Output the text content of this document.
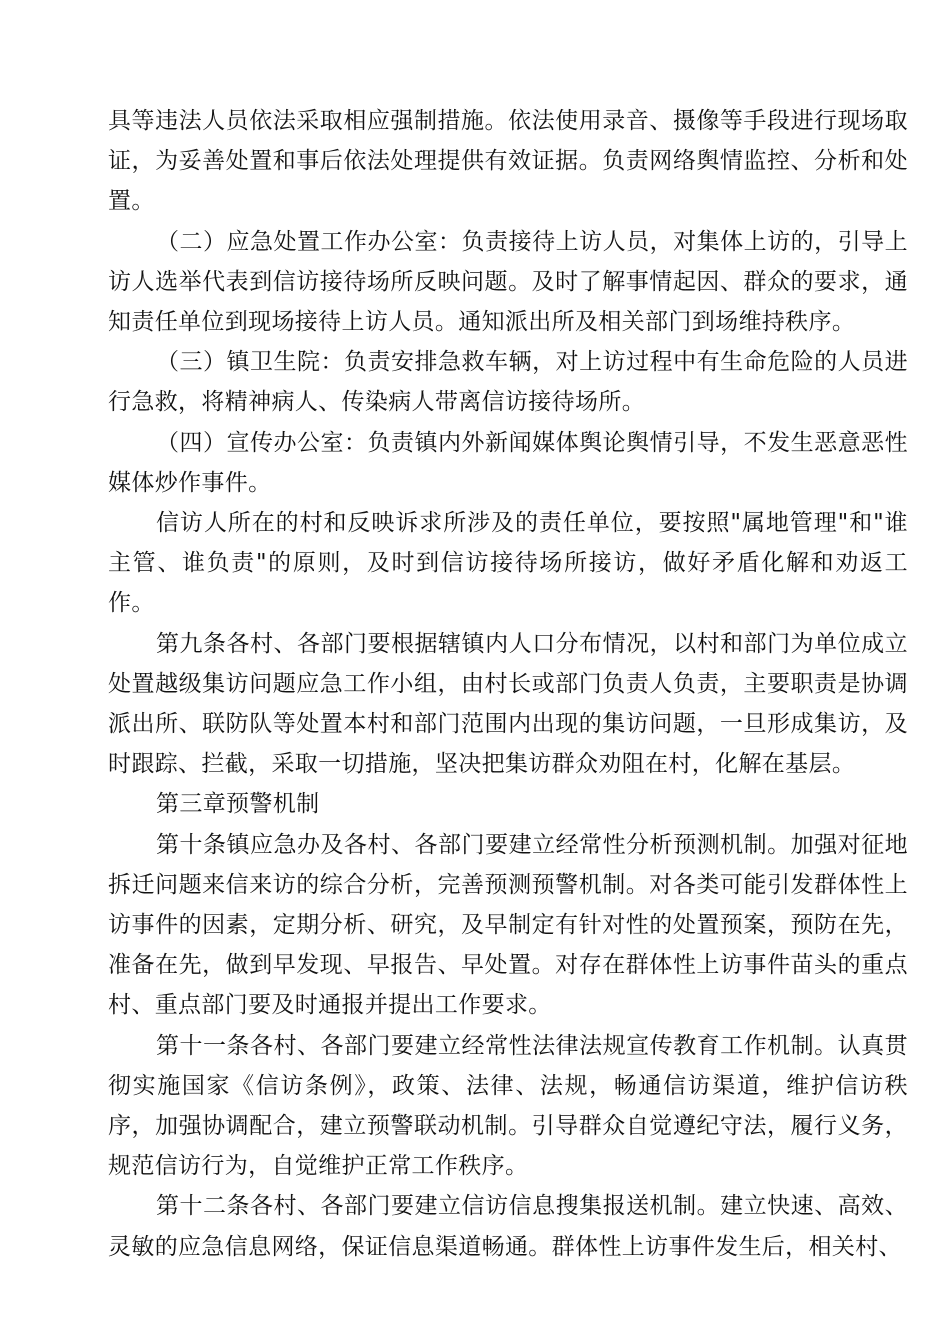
具等违法人员依法采取相应强制措施。依法使用录音、摄像等手段进行现场取证，为妥善处置和事后依法处理提供有效证据。负责网络舆情监控、分析和处置。

（二）应急处置工作办公室：负责接待上访人员，对集体上访的，引导上访人选举代表到信访接待场所反映问题。及时了解事情起因、群众的要求，通知责任单位到现场接待上访人员。通知派出所及相关部门到场维持秩序。

（三）镇卫生院：负责安排急救车辆，对上访过程中有生命危险的人员进行急救，将精神病人、传染病人带离信访接待场所。

（四）宣传办公室：负责镇内外新闻媒体舆论舆情引导，不发生恶意恶性媒体炒作事件。

信访人所在的村和反映诉求所涉及的责任单位，要按照"属地管理"和"谁主管、谁负责"的原则，及时到信访接待场所接访，做好矛盾化解和劝返工作。

第九条各村、各部门要根据辖镇内人口分布情况，以村和部门为单位成立处置越级集访问题应急工作小组，由村长或部门负责人负责，主要职责是协调派出所、联防队等处置本村和部门范围内出现的集访问题，一旦形成集访，及时跟踪、拦截，采取一切措施，坚决把集访群众劝阻在村，化解在基层。

第三章预警机制

第十条镇应急办及各村、各部门要建立经常性分析预测机制。加强对征地拆迁问题来信来访的综合分析，完善预测预警机制。对各类可能引发群体性上访事件的因素，定期分析、研究，及早制定有针对性的处置预案，预防在先，准备在先，做到早发现、早报告、早处置。对存在群体性上访事件苗头的重点村、重点部门要及时通报并提出工作要求。

第十一条各村、各部门要建立经常性法律法规宣传教育工作机制。认真贯彻实施国家《信访条例》，政策、法律、法规，畅通信访渠道，维护信访秩序，加强协调配合，建立预警联动机制。引导群众自觉遵纪守法，履行义务，规范信访行为，自觉维护正常工作秩序。

第十二条各村、各部门要建立信访信息搜集报送机制。建立快速、高效、灵敏的应急信息网络，保证信息渠道畅通。群体性上访事件发生后，相关村、
